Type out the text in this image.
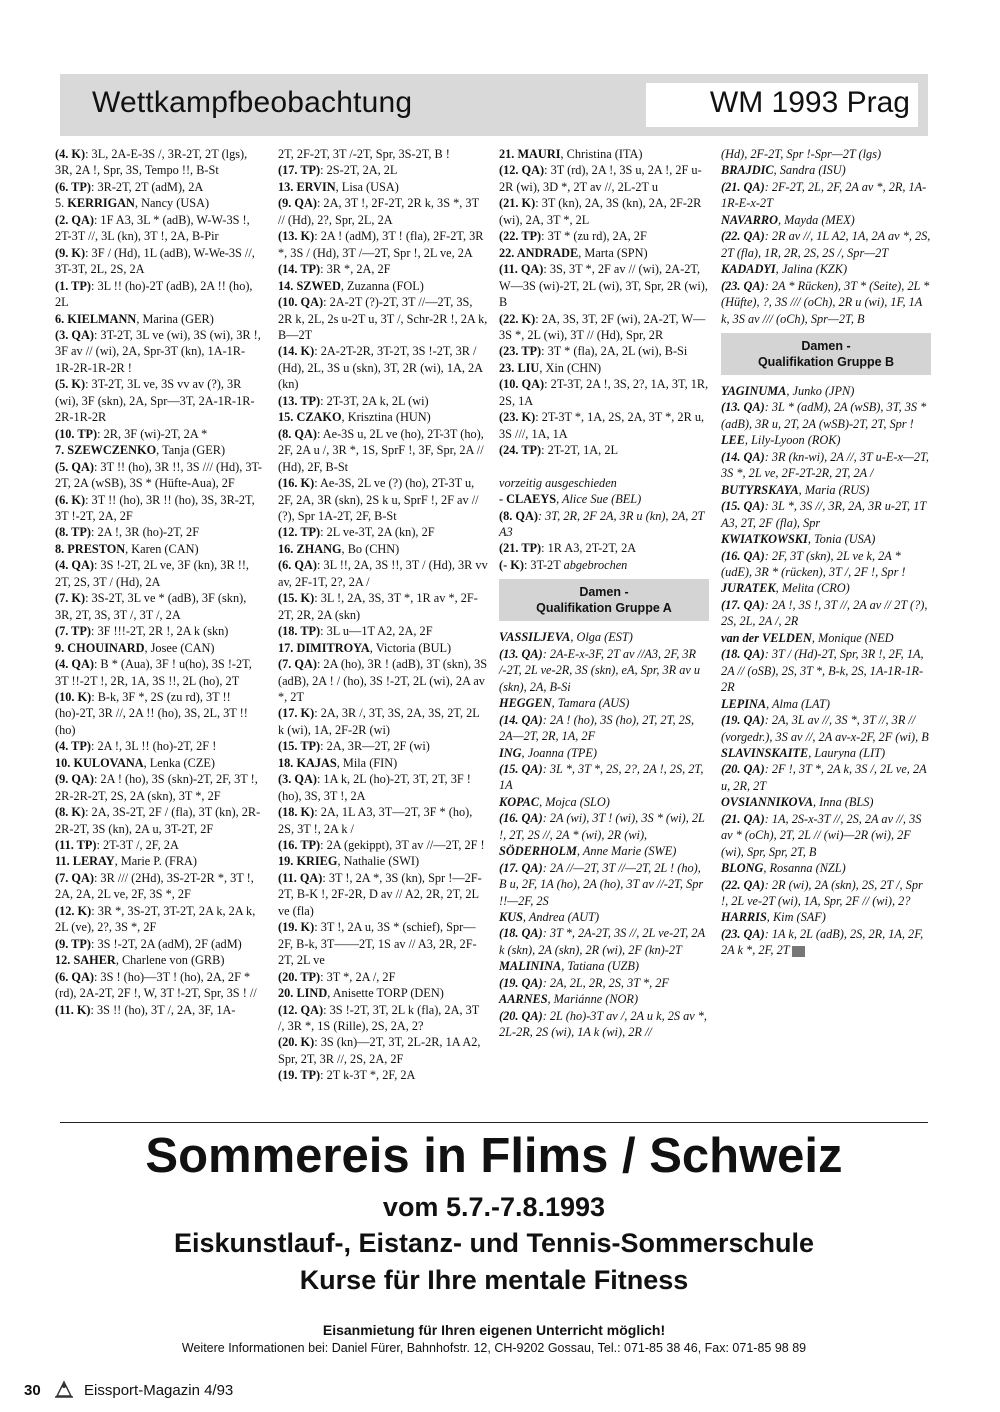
Wettkampfbeobachtung	WM 1993 Prag

(4. K): 3L, 2A-E-3S /, 3R-2T, 2T (lgs), 3R, 2A !, Spr, 3S, Tempo !!, B-St

(6. TP): 3R-2T, 2T (adM), 2A

5. KERRIGAN, Nancy (USA)

(2. QA): 1F A3, 3L * (adB), W-W-3S !, 2T-3T //, 3L (kn), 3T !, 2A, B-Pir

(9. K): 3F / (Hd), 1L (adB), W-We-3S //, 3T-3T, 2L, 2S, 2A

(1. TP): 3L !! (ho)-2T (adB), 2A !! (ho), 2L

6. KIELMANN, Marina (GER)

(3. QA): 3T-2T, 3L ve (wi), 3S (wi), 3R !, 3F av // (wi), 2A, Spr-3T (kn), 1A-1R-1R-2R-1R-2R !

(5. K): 3T-2T, 3L ve, 3S vv av (?), 3R (wi), 3F (skn), 2A, Spr—3T, 2A-1R-1R-2R-1R-2R

(10. TP): 2R, 3F (wi)-2T, 2A *

7. SZEWCZENKO, Tanja (GER)

(5. QA): 3T !! (ho), 3R !!, 3S /// (Hd), 3T-2T, 2A (wSB), 3S * (Hüfte-Aua), 2F

(6. K): 3T !! (ho), 3R !! (ho), 3S, 3R-2T, 3T !-2T, 2A, 2F

(8. TP): 2A !, 3R (ho)-2T, 2F

8. PRESTON, Karen (CAN)

(4. QA): 3S !-2T, 2L ve, 3F (kn), 3R !!, 2T, 2S, 3T / (Hd), 2A

(7. K): 3S-2T, 3L ve * (adB), 3F (skn), 3R, 2T, 3S, 3T /, 3T /, 2A

(7. TP): 3F !!!-2T, 2R !, 2A k (skn)

9. CHOUINARD, Josee (CAN)

(4. QA): B * (Aua), 3F ! u(ho), 3S !-2T, 3T !!-2T !, 2R, 1A, 3S !!, 2L (ho), 2T

(10. K): B-k, 3F *, 2S (zu rd), 3T !! (ho)-2T, 3R //, 2A !! (ho), 3S, 2L, 3T !! (ho)

(4. TP): 2A !, 3L !! (ho)-2T, 2F !

10. KULOVANA, Lenka (CZE)

(9. QA): 2A ! (ho), 3S (skn)-2T, 2F, 3T !, 2R-2R-2T, 2S, 2A (skn), 3T *, 2F

(8. K): 2A, 3S-2T, 2F / (fla), 3T (kn), 2R-2R-2T, 3S (kn), 2A u, 3T-2T, 2F

(11. TP): 2T-3T /, 2F, 2A

11. LERAY, Marie P. (FRA)

(7. QA): 3R /// (2Hd), 3S-2T-2R *, 3T !, 2A, 2A, 2L ve, 2F, 3S *, 2F

(12. K): 3R *, 3S-2T, 3T-2T, 2A k, 2A k, 2L (ve), 2?, 3S *, 2F

(9. TP): 3S !-2T, 2A (adM), 2F (adM)

12. SAHER, Charlene von (GRB)

(6. QA): 3S ! (ho)—3T ! (ho), 2A, 2F * (rd), 2A-2T, 2F !, W, 3T !-2T, Spr, 3S ! //

(11. K): 3S !! (ho), 3T /, 2A, 3F, 1A-

2T, 2F-2T, 3T /-2T, Spr, 3S-2T, B !

(17. TP): 2S-2T, 2A, 2L

13. ERVIN, Lisa (USA)

(9. QA): 2A, 3T !, 2F-2T, 2R k, 3S *, 3T // (Hd), 2?, Spr, 2L, 2A

(13. K): 2A ! (adM), 3T ! (fla), 2F-2T, 3R *, 3S / (Hd), 3T /—2T, Spr !, 2L ve, 2A

(14. TP): 3R *, 2A, 2F

14. SZWED, Zuzanna (FOL)

(10. QA): 2A-2T (?)-2T, 3T //—2T, 3S, 2R k, 2L, 2s u-2T u, 3T /, Schr-2R !, 2A k, B—2T

(14. K): 2A-2T-2R, 3T-2T, 3S !-2T, 3R / (Hd), 2L, 3S u (skn), 3T, 2R (wi), 1A, 2A (kn)

(13. TP): 2T-3T, 2A k, 2L (wi)

15. CZAKO, Krisztina (HUN)

(8. QA): Ae-3S u, 2L ve (ho), 2T-3T (ho), 2F, 2A u /, 3R *, 1S, SprF !, 3F, Spr, 2A // (Hd), 2F, B-St

(16. K): Ae-3S, 2L ve (?) (ho), 2T-3T u, 2F, 2A, 3R (skn), 2S k u, SprF !, 2F av // (?), Spr 1A-2T, 2F, B-St

(12. TP): 2L ve-3T, 2A (kn), 2F

16. ZHANG, Bo (CHN)

(6. QA): 3L !!, 2A, 3S !!, 3T / (Hd), 3R vv av, 2F-1T, 2?, 2A /

(15. K): 3L !, 2A, 3S, 3T *, 1R av *, 2F-2T, 2R, 2A (skn)

(18. TP): 3L u—1T A2, 2A, 2F

17. DIMITROYA, Victoria (BUL)

(7. QA): 2A (ho), 3R ! (adB), 3T (skn), 3S (adB), 2A ! / (ho), 3S !-2T, 2L (wi), 2A av *, 2T

(17. K): 2A, 3R /, 3T, 3S, 2A, 3S, 2T, 2L k (wi), 1A, 2F-2R (wi)

(15. TP): 2A, 3R—2T, 2F (wi)

18. KAJAS, Mila (FIN)

(3. QA): 1A k, 2L (ho)-2T, 3T, 2T, 3F ! (ho), 3S, 3T !, 2A

(18. K): 2A, 1L A3, 3T—2T, 3F * (ho), 2S, 3T !, 2A k /

(16. TP): 2A (gekippt), 3T av //—2T, 2F !

19. KRIEG, Nathalie (SWI)

(11. QA): 3T !, 2A *, 3S (kn), Spr !—2F-2T, B-K !, 2F-2R, D av // A2, 2R, 2T, 2L ve (fla)

(19. K): 3T !, 2A u, 3S * (schief), Spr—2F, B-k, 3T——2T, 1S av // A3, 2R, 2F-2T, 2L ve

(20. TP): 3T *, 2A /, 2F

20. LIND, Anisette TORP (DEN)

(12. QA): 3S !-2T, 3T, 2L k (fla), 2A, 3T /, 3R *, 1S (Rille), 2S, 2A, 2?

(20. K): 3S (kn)—2T, 3T, 2L-2R, 1A A2, Spr, 2T, 3R //, 2S, 2A, 2F

(19. TP): 2T k-3T *, 2F, 2A

21. MAURI, Christina (ITA)

(12. QA): 3T (rd), 2A !, 3S u, 2A !, 2F u-2R (wi), 3D *, 2T av //, 2L-2T u

(21. K): 3T (kn), 2A, 3S (kn), 2A, 2F-2R (wi), 2A, 3T *, 2L

(22. TP): 3T * (zu rd), 2A, 2F

22. ANDRADE, Marta (SPN)

(11. QA): 3S, 3T *, 2F av // (wi), 2A-2T, W—3S (wi)-2T, 2L (wi), 3T, Spr, 2R (wi), B

(22. K): 2A, 3S, 3T, 2F (wi), 2A-2T, W—3S *, 2L (wi), 3T // (Hd), Spr, 2R

(23. TP): 3T * (fla), 2A, 2L (wi), B-Si

23. LIU, Xin (CHN)

(10. QA): 2T-3T, 2A !, 3S, 2?, 1A, 3T, 1R, 2S, 1A

(23. K): 2T-3T *, 1A, 2S, 2A, 3T *, 2R u, 3S ///, 1A, 1A

(24. TP): 2T-2T, 1A, 2L

vorzeitig ausgeschieden

- CLAEYS, Alice Sue (BEL)

(8. QA): 3T, 2R, 2F 2A, 3R u (kn), 2A, 2T A3

(21. TP): 1R A3, 2T-2T, 2A

(- K): 3T-2T abgebrochen

Damen -
Qualifikation Gruppe A

VASSILJEVA, Olga (EST)

(13. QA): 2A-E-x-3F, 2T av //A3, 2F, 3R /-2T, 2L ve-2R, 3S (skn), eA, Spr, 3R av u (skn), 2A, B-Si

HEGGEN, Tamara (AUS)

(14. QA): 2A ! (ho), 3S (ho), 2T, 2T, 2S, 2A—2T, 2R, 1A, 2F

ING, Joanna (TPE)

(15. QA): 3L *, 3T *, 2S, 2?, 2A !, 2S, 2T, 1A

KOPAC, Mojca (SLO)

(16. QA): 2A (wi), 3T ! (wi), 3S * (wi), 2L !, 2T, 2S //, 2A * (wi), 2R (wi),

SÖDERHOLM, Anne Marie (SWE)

(17. QA): 2A //—2T, 3T //—2T, 2L ! (ho), B u, 2F, 1A (ho), 2A (ho), 3T av //-2T, Spr !!—2F, 2S

KUS, Andrea (AUT)

(18. QA): 3T *, 2A-2T, 3S //, 2L ve-2T, 2A k (skn), 2A (skn), 2R (wi), 2F (kn)-2T

MALININA, Tatiana (UZB)

(19. QA): 2A, 2L, 2R, 2S, 3T *, 2F

AARNES, Mariánne (NOR)

(20. QA): 2L (ho)-3T av /, 2A u k, 2S av *, 2L-2R, 2S (wi), 1A k (wi), 2R //

(Hd), 2F-2T, Spr !-Spr—2T (lgs)

BRAJDIC, Sandra (ISU)

(21. QA): 2F-2T, 2L, 2F, 2A av *, 2R, 1A-1R-E-x-2T

NAVARRO, Mayda (MEX)

(22. QA): 2R av //, 1L A2, 1A, 2A av *, 2S, 2T (fla), 1R, 2R, 2S, 2S /, Spr—2T

KADADYI, Jalina (KZK)

(23. QA): 2A * Rücken), 3T * (Seite), 2L * (Hüfte), ?, 3S /// (oCh), 2R u (wi), 1F, 1A k, 3S av /// (oCh), Spr—2T, B

Damen -
Qualifikation Gruppe B

YAGINUMA, Junko (JPN)

(13. QA): 3L * (adM), 2A (wSB), 3T, 3S * (adB), 3R u, 2T, 2A (wSB)-2T, 2T, Spr !

LEE, Lily-Lyoon (ROK)

(14. QA): 3R (kn-wi), 2A //, 3T u-E-x—2T, 3S *, 2L ve, 2F-2T-2R, 2T, 2A /

BUTYRSKAYA, Maria (RUS)

(15. QA): 3L *, 3S //, 3R, 2A, 3R u-2T, 1T A3, 2T, 2F (fla), Spr

KWIATKOWSKI, Tonia (USA)

(16. QA): 2F, 3T (skn), 2L ve k, 2A * (udE), 3R * (rücken), 3T /, 2F !, Spr !

JURATEK, Melita (CRO)

(17. QA): 2A !, 3S !, 3T //, 2A av // 2T (?), 2S, 2L, 2A /, 2R

van der VELDEN, Monique (NED

(18. QA): 3T / (Hd)-2T, Spr, 3R !, 2F, 1A, 2A // (oSB), 2S, 3T *, B-k, 2S, 1A-1R-1R-2R

LEPINA, Alma (LAT)

(19. QA): 2A, 3L av //, 3S *, 3T //, 3R // (vorgedr.), 3S av //, 2A av-x-2F, 2F (wi), B

SLAVINSKAITE, Lauryna (LIT)

(20. QA): 2F !, 3T *, 2A k, 3S /, 2L ve, 2A u, 2R, 2T

OVSIANNIKOVA, Inna (BLS)

(21. QA): 1A, 2S-x-3T //, 2S, 2A av //, 3S av * (oCh), 2T, 2L // (wi)—2R (wi), 2F (wi), Spr, Spr, 2T, B

BLONG, Rosanna (NZL)

(22. QA): 2R (wi), 2A (skn), 2S, 2T /, Spr !, 2L ve-2T (wi), 1A, Spr, 2F // (wi), 2?

HARRIS, Kim (SAF)

(23. QA): 1A k, 2L (adB), 2S, 2R, 1A, 2F, 2A k *, 2F, 2T

Sommereis in Flims / Schweiz
vom 5.7.-7.8.1993
Eiskunstlauf-, Eistanz- und Tennis-Sommerschule
Kurse für Ihre mentale Fitness
Eisanmietung für Ihren eigenen Unterricht möglich!
Weitere Informationen bei: Daniel Fürer, Bahnhofstr. 12, CH-9202 Gossau, Tel.: 071-85 38 46, Fax: 071-85 98 89
30	Eissport-Magazin 4/93
